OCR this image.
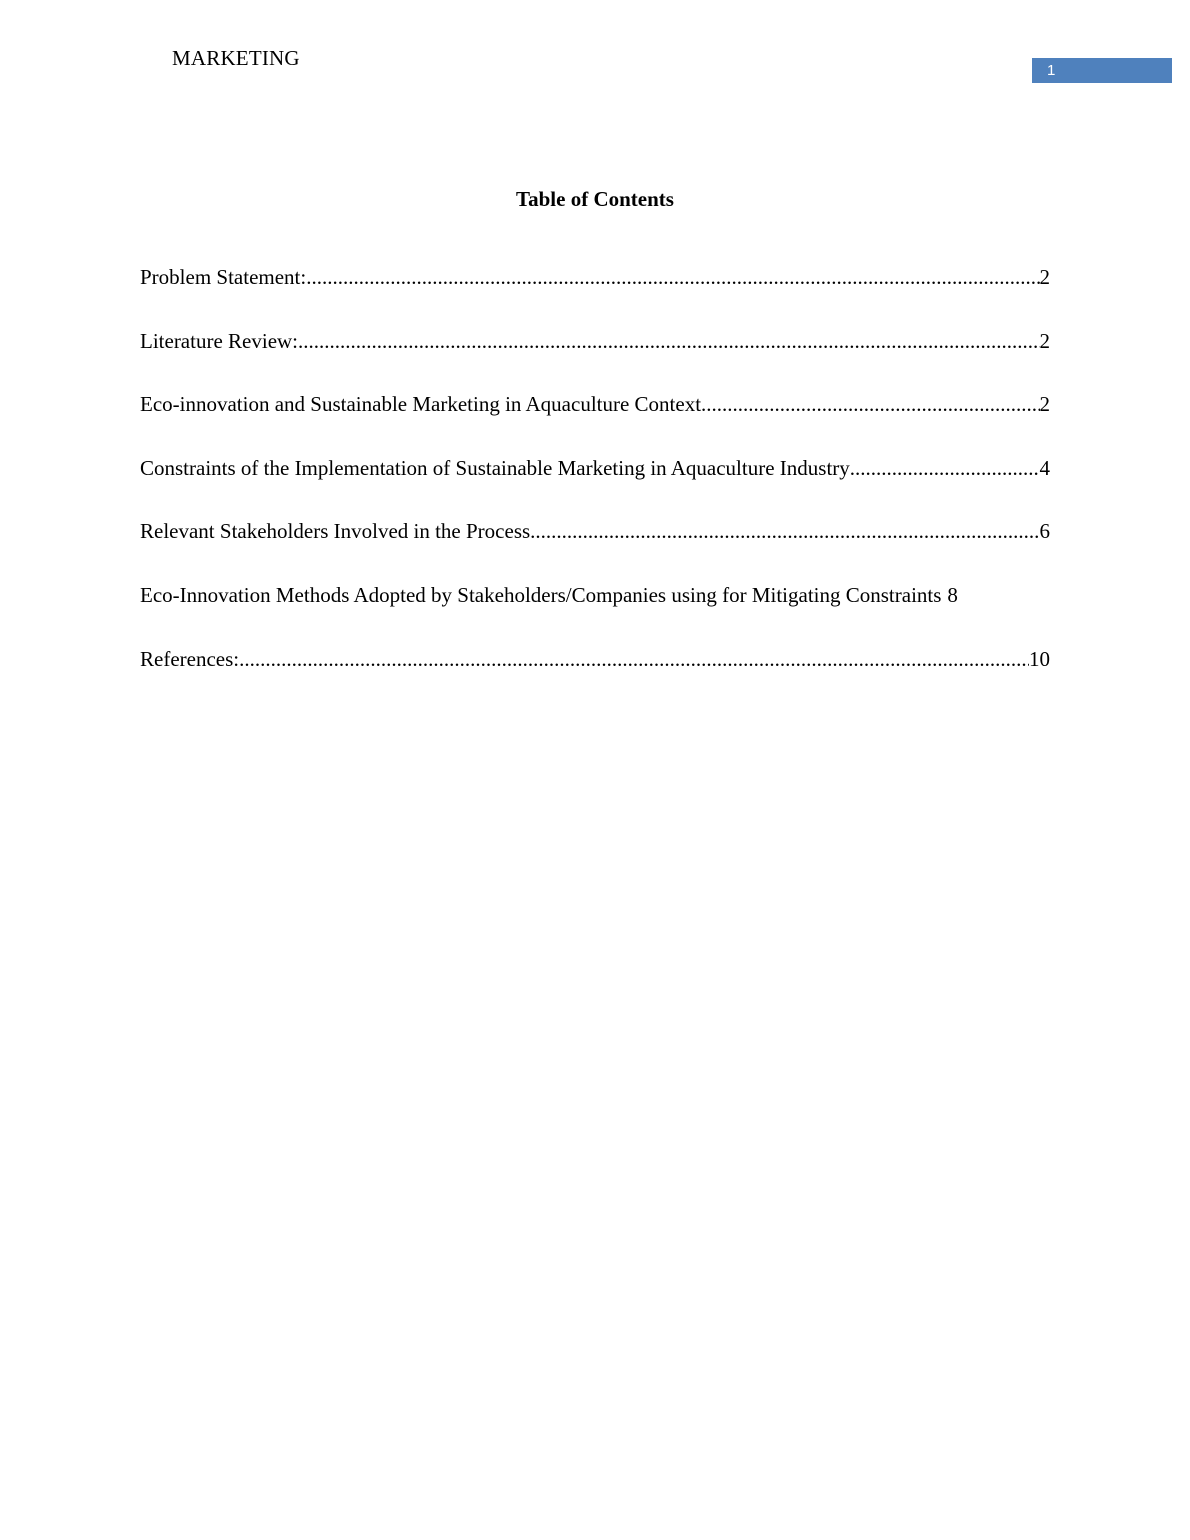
MARKETING
1
Table of Contents
Problem Statement: .....	2
Literature Review: .....	2
Eco-innovation and Sustainable Marketing in Aquaculture Context .....	2
Constraints of the Implementation of Sustainable Marketing in Aquaculture Industry .....	4
Relevant Stakeholders Involved in the Process .....	6
Eco-Innovation Methods Adopted by Stakeholders/Companies using for Mitigating Constraints 8
References: .....	10
